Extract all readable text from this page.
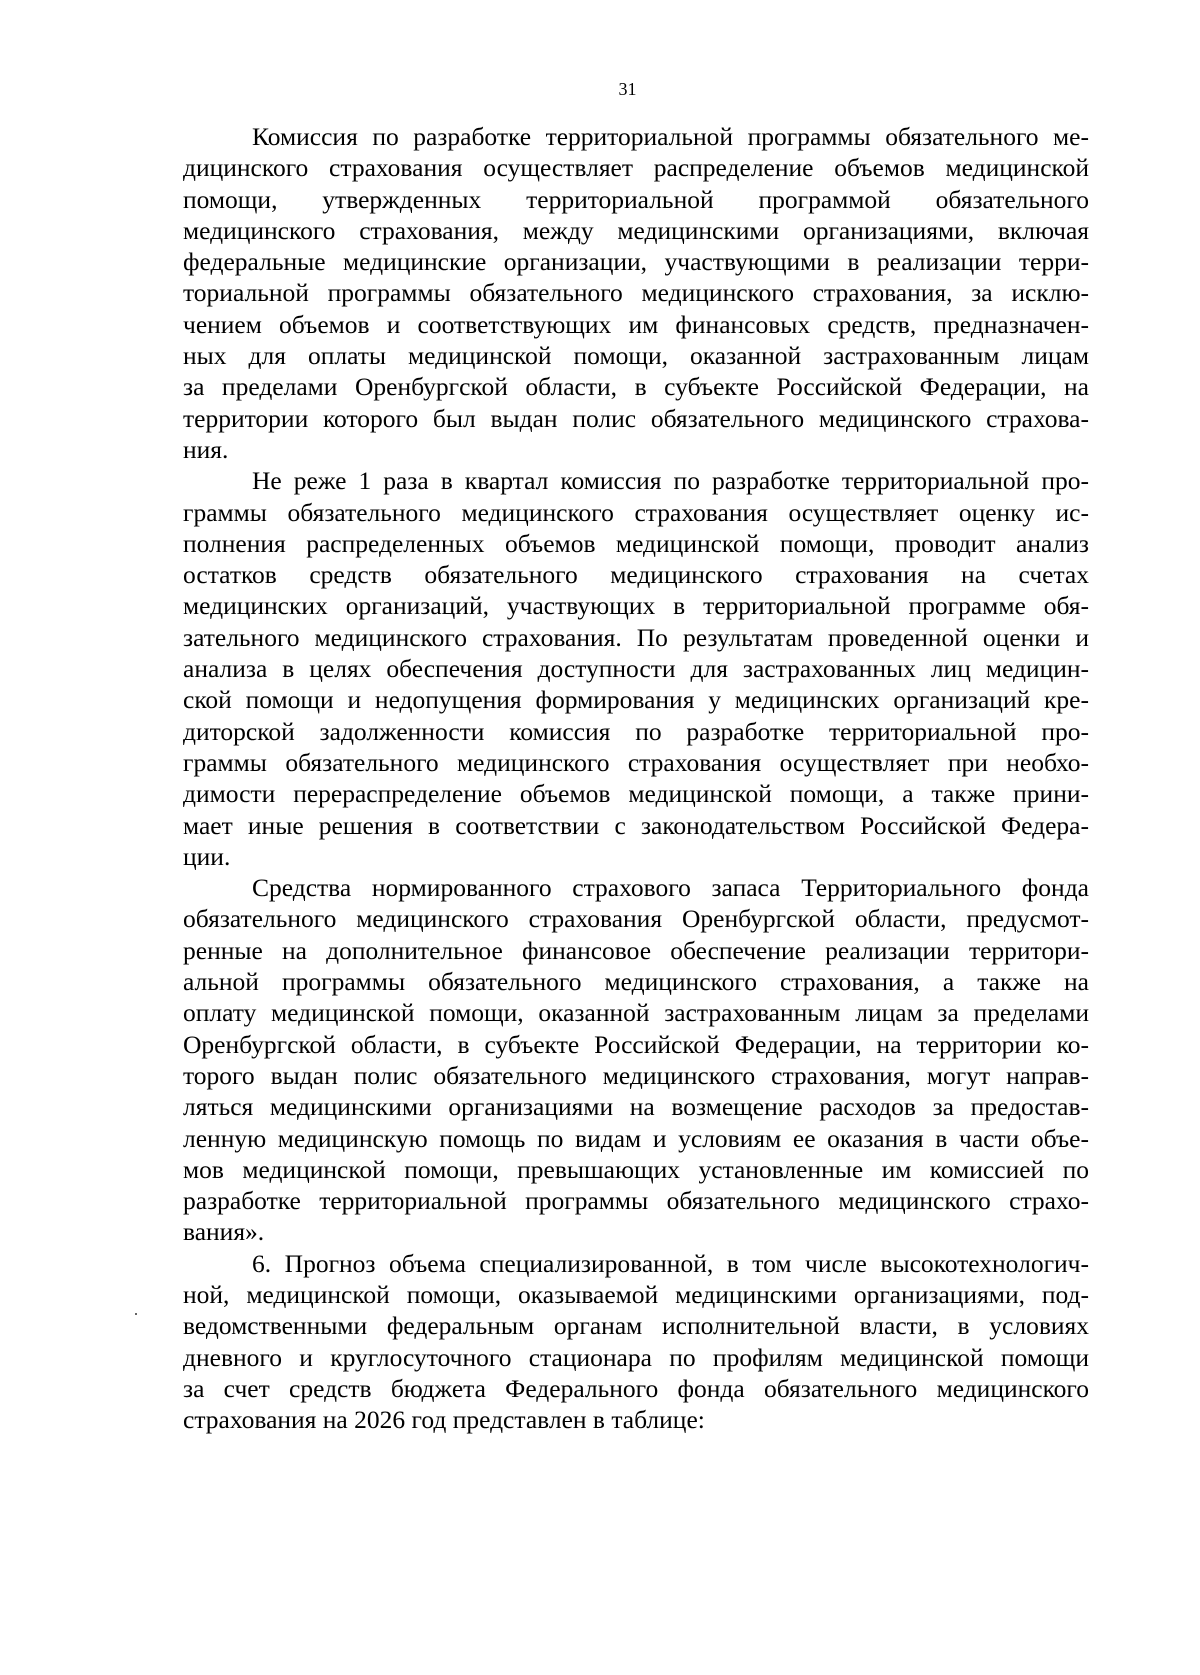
31

Комиссия по разработке территориальной программы обязательного ме-
дицинского страхования осуществляет распределение объемов медицинской
помощи, утвержденных территориальной программой обязательного
медицинского страхования, между медицинскими организациями, включая
федеральные медицинские организации, участвующими в реализации терри-
ториальной программы обязательного медицинского страхования, за исклю-
чением объемов и соответствующих им финансовых средств, предназначен-
ных для оплаты медицинской помощи, оказанной застрахованным лицам
за пределами Оренбургской области, в субъекте Российской Федерации, на
территории которого был выдан полис обязательного медицинского страхова-
ния.

Не реже 1 раза в квартал комиссия по разработке территориальной про-
граммы обязательного медицинского страхования осуществляет оценку ис-
полнения распределенных объемов медицинской помощи, проводит анализ
остатков средств обязательного медицинского страхования на счетах
медицинских организаций, участвующих в территориальной программе обя-
зательного медицинского страхования. По результатам проведенной оценки и
анализа в целях обеспечения доступности для застрахованных лиц медицин-
ской помощи и недопущения формирования у медицинских организаций кре-
диторской задолженности комиссия по разработке территориальной про-
граммы обязательного медицинского страхования осуществляет при необхо-
димости перераспределение объемов медицинской помощи, а также прини-
мает иные решения в соответствии с законодательством Российской Федера-
ции.

Средства нормированного страхового запаса Территориального фонда
обязательного медицинского страхования Оренбургской области, предусмот-
ренные на дополнительное финансовое обеспечение реализации территори-
альной программы обязательного медицинского страхования, а также на
оплату медицинской помощи, оказанной застрахованным лицам за пределами
Оренбургской области, в субъекте Российской Федерации, на территории ко-
торого выдан полис обязательного медицинского страхования, могут направ-
ляться медицинскими организациями на возмещение расходов за предостав-
ленную медицинскую помощь по видам и условиям ее оказания в части объе-
мов медицинской помощи, превышающих установленные им комиссией по
разработке территориальной программы обязательного медицинского страхо-
вания».

6. Прогноз объема специализированной, в том числе высокотехнологич-
ной, медицинской помощи, оказываемой медицинскими организациями, под-
ведомственными федеральным органам исполнительной власти, в условиях
дневного и круглосуточного стационара по профилям медицинской помощи
за счет средств бюджета Федерального фонда обязательного медицинского
страхования на 2026 год представлен в таблице:
